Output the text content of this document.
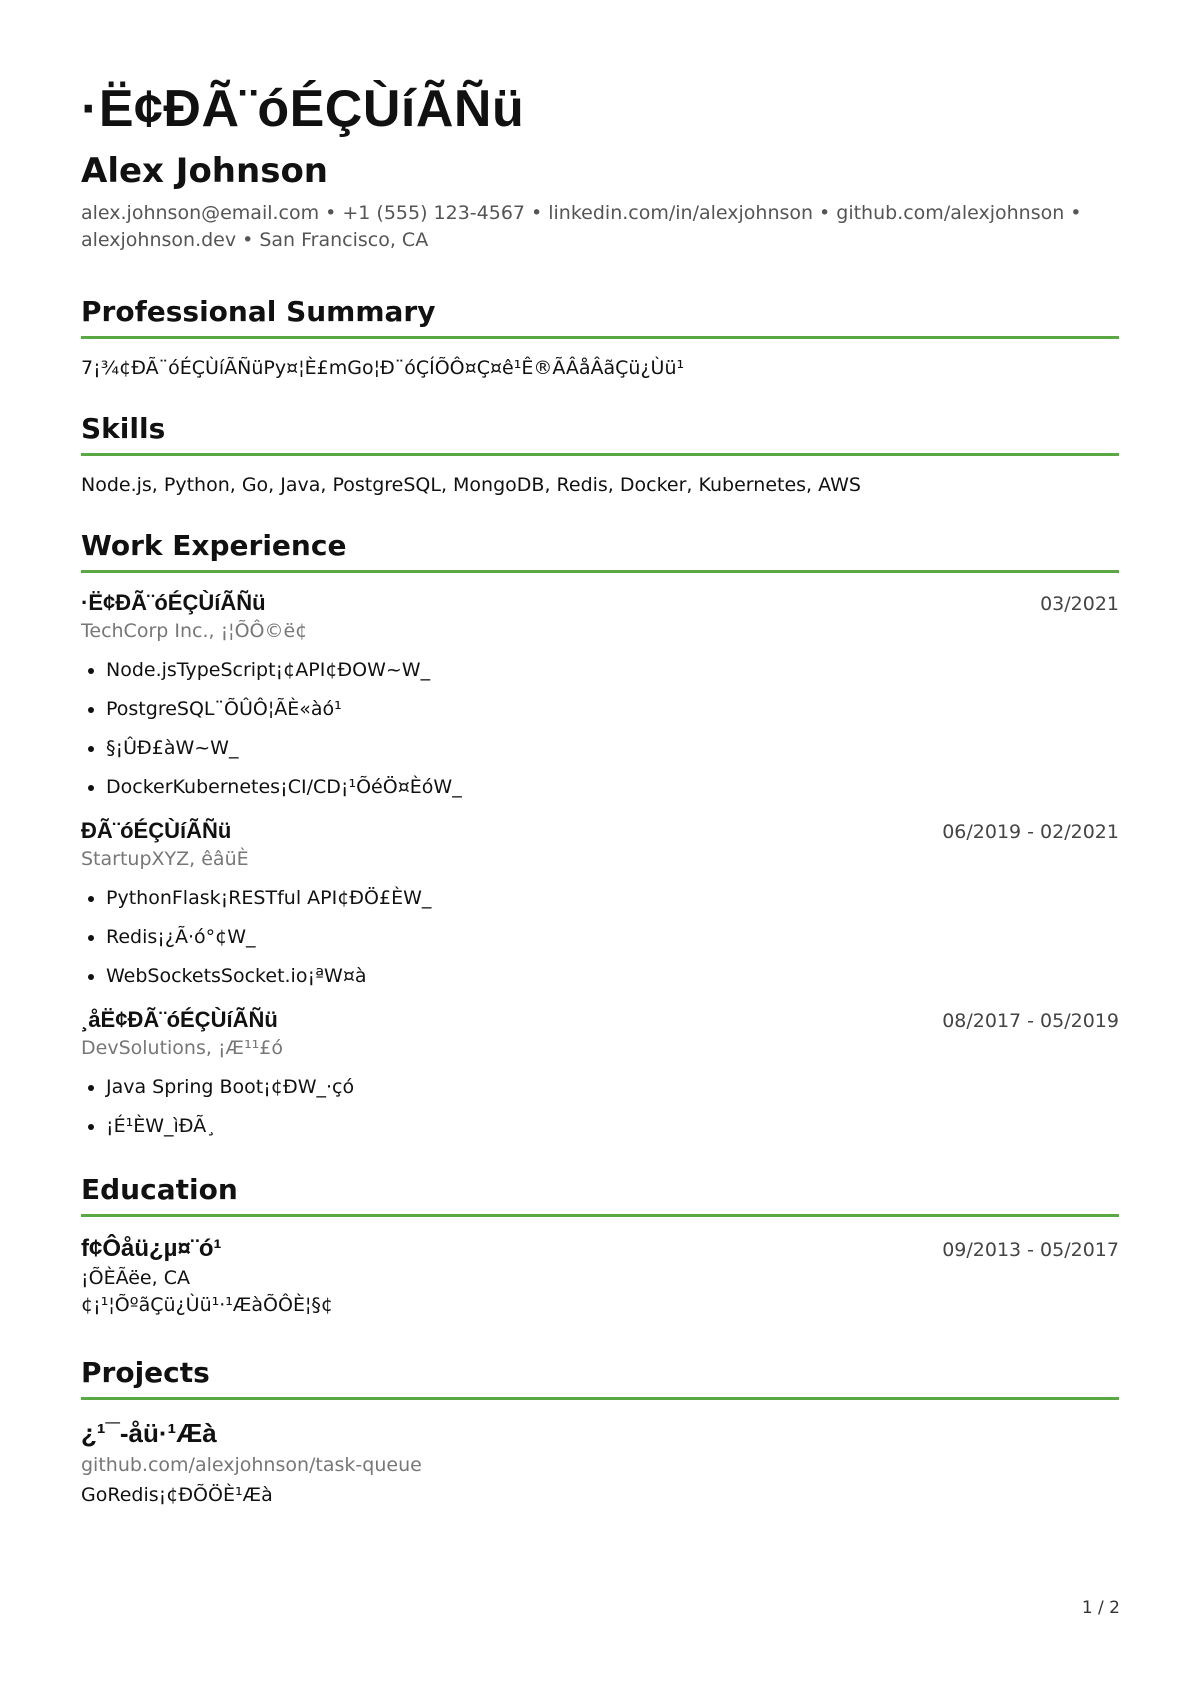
·Ë¢ÐÃ¨óÉÇÙíÃÑü
Alex Johnson
alex.johnson@email.com • +1 (555) 123-4567 • linkedin.com/in/alexjohnson • github.com/alexjohnson •
alexjohnson.dev • San Francisco, CA
Professional Summary
7¡¾¢ÐÃ¨óÉÇÙíÃÑüPy¤¦È£mGo¦Ð¨óÇÍÕÔ¤Ç¤ê¹Ê®ÃÂåÂãÇü¿Ùü¹
Skills
Node.js, Python, Go, Java, PostgreSQL, MongoDB, Redis, Docker, Kubernetes, AWS
Work Experience
·Ë¢ÐÃ¨óÉÇÙíÃÑü	03/2021
TechCorp Inc., ¡¦ÕÔ©ë¢
• Node.jsTypeScript¡¢API¢ÐOW~W_
• PostgreSQL¨ÕÛÔ¦ÃÈ«àó¹
• §¡ÛÐ£àW~W_
• DockerKubernetes¡CI/CD¡¹ÕéÖ¤ÈóW_
ÐÃ¨óÉÇÙíÃÑü	06/2019 - 02/2021
StartupXYZ, êâüÈ
• PythonFlask¡RESTful API¢ÐÖ£ÈW_
• Redis¡¿Ã·ó°¢W_
• WebSocketsSocket.io¡ªW¤à
¸åË¢ÐÃ¨óÉÇÙíÃÑü	08/2017 - 05/2019
DevSolutions, ¡Æ¹¹£ó
• Java Spring Boot¡¢ÐW_·çó
• ¡É¹ÈW_ìÐÃ¸
Education
f¢Ôåü¿µ¤¨ó¹	09/2013 - 05/2017
¡ÕÈÃëe, CA
¢¡¹¦ÕºãÇü¿Ùü¹·¹ÆàÕÔÈ¦§¢
Projects
¿¹¯-åü·¹Æà
github.com/alexjohnson/task-queue
GoRedis¡¢ÐÕÖÈ¹Æà
1 / 2
